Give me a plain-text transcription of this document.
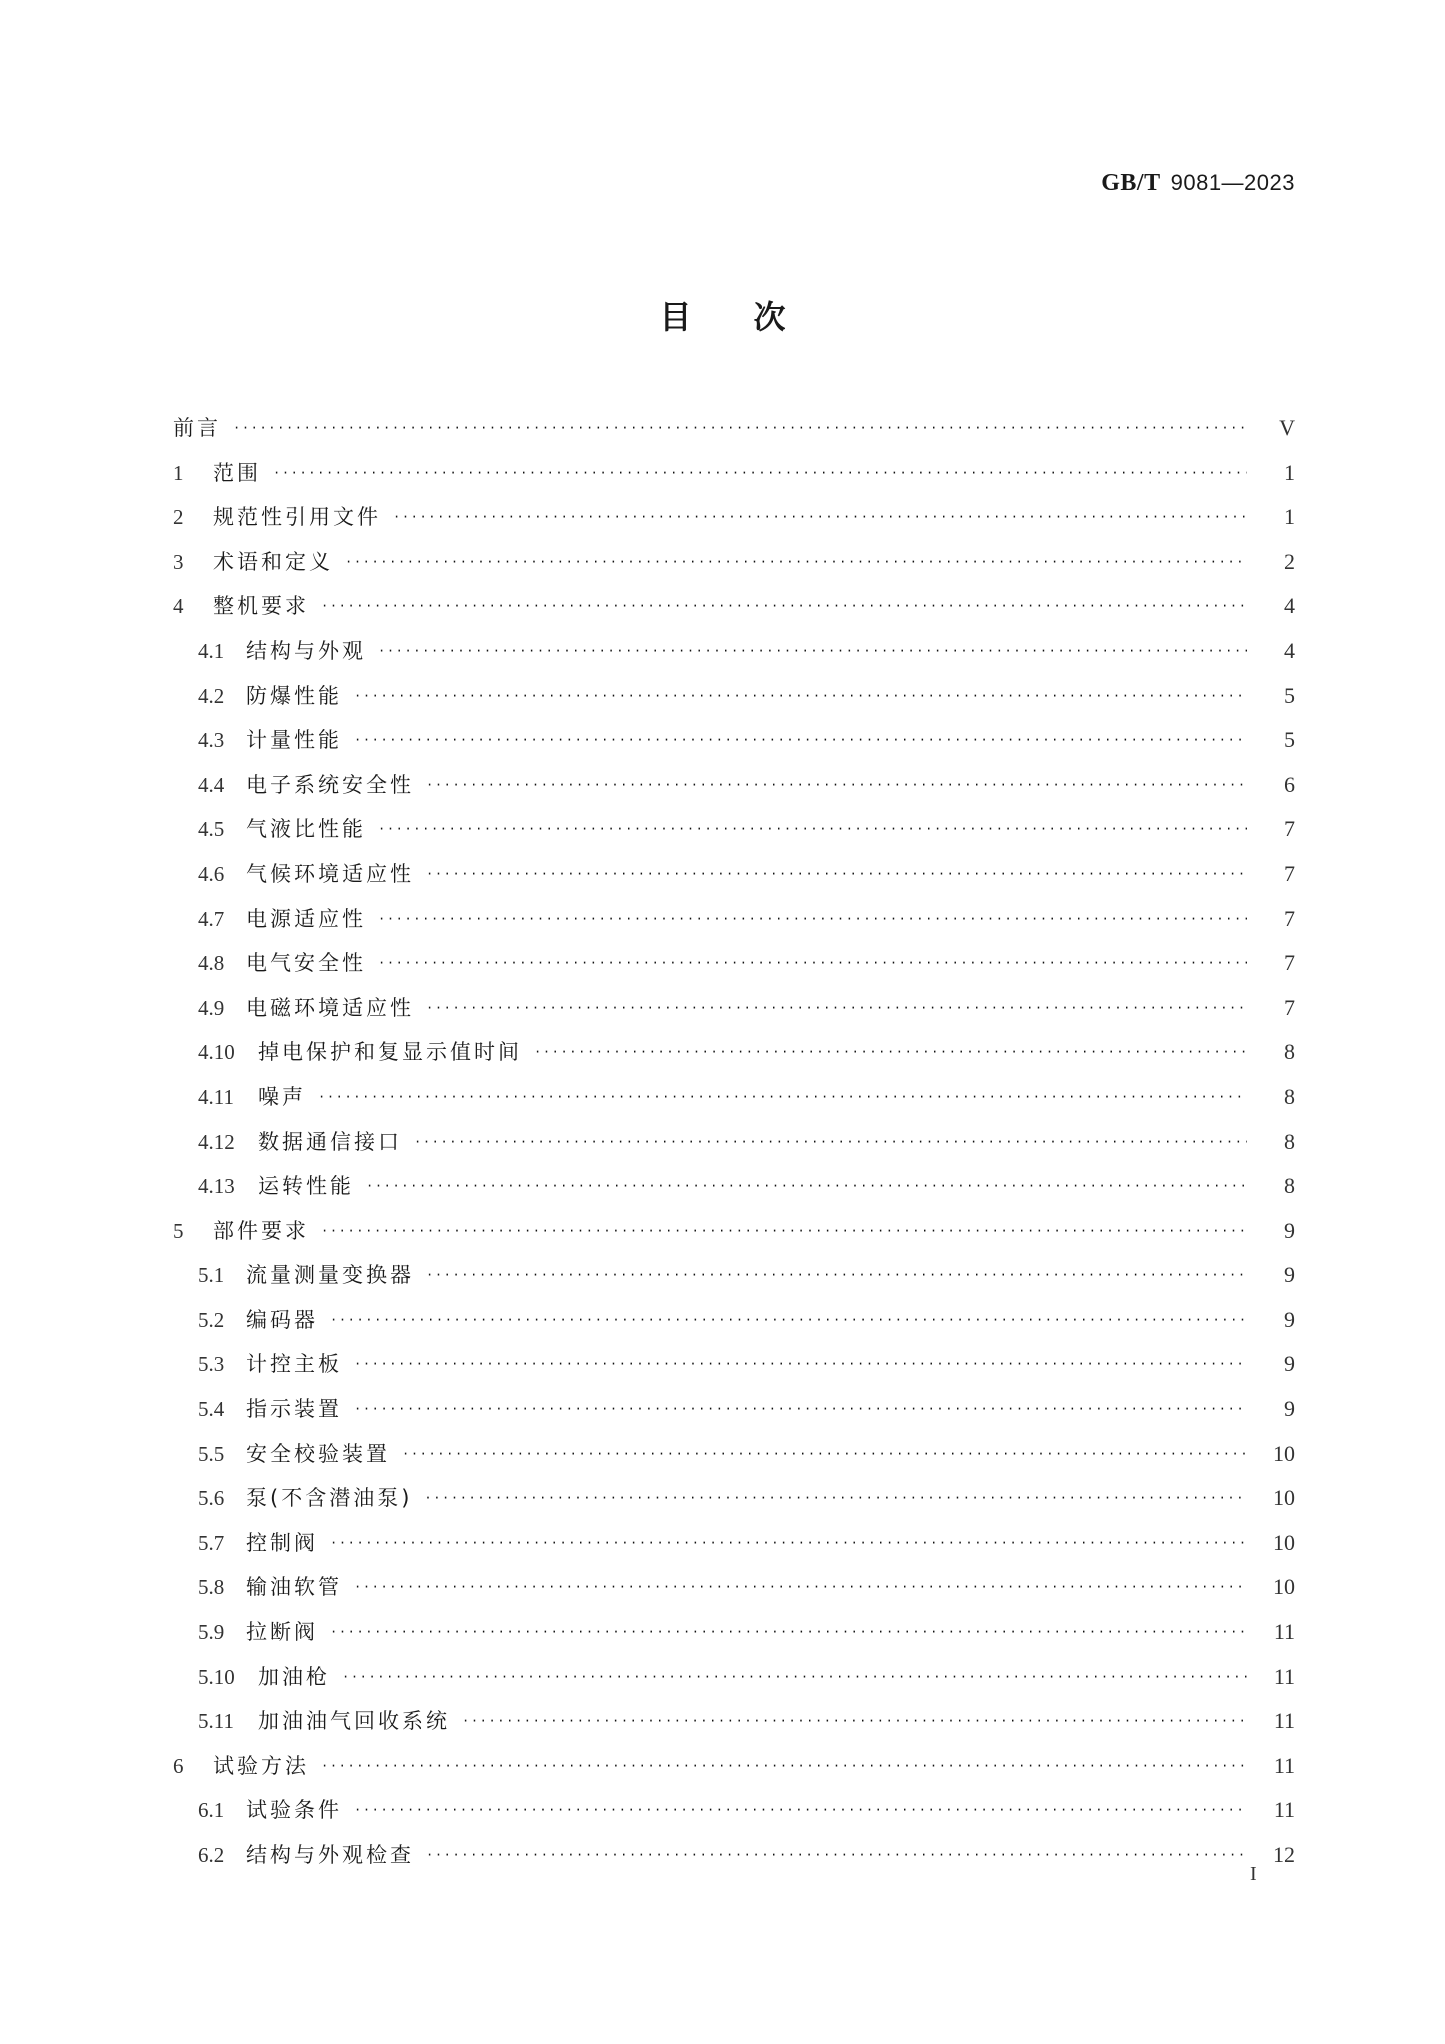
GB/T 9081—2023
目次
前言 ·····	V
1	范围 ·····	1
2	规范性引用文件 ·····	1
3	术语和定义 ·····	2
4	整机要求 ·····	4
4.1	结构与外观 ·····	4
4.2	防爆性能 ·····	5
4.3	计量性能 ·····	5
4.4	电子系统安全性 ·····	6
4.5	气液比性能 ·····	7
4.6	气候环境适应性 ·····	7
4.7	电源适应性 ·····	7
4.8	电气安全性 ·····	7
4.9	电磁环境适应性 ·····	7
4.10	掉电保护和复显示值时间 ·····	8
4.11	噪声 ·····	8
4.12	数据通信接口 ·····	8
4.13	运转性能 ·····	8
5	部件要求 ·····	9
5.1	流量测量变换器 ·····	9
5.2	编码器 ·····	9
5.3	计控主板 ·····	9
5.4	指示装置 ·····	9
5.5	安全校验装置 ·····	10
5.6	泵(不含潜油泵) ·····	10
5.7	控制阀 ·····	10
5.8	输油软管 ·····	10
5.9	拉断阀 ·····	11
5.10	加油枪 ·····	11
5.11	加油油气回收系统 ·····	11
6	试验方法 ·····	11
6.1	试验条件 ·····	11
6.2	结构与外观检查 ·····	12
I
